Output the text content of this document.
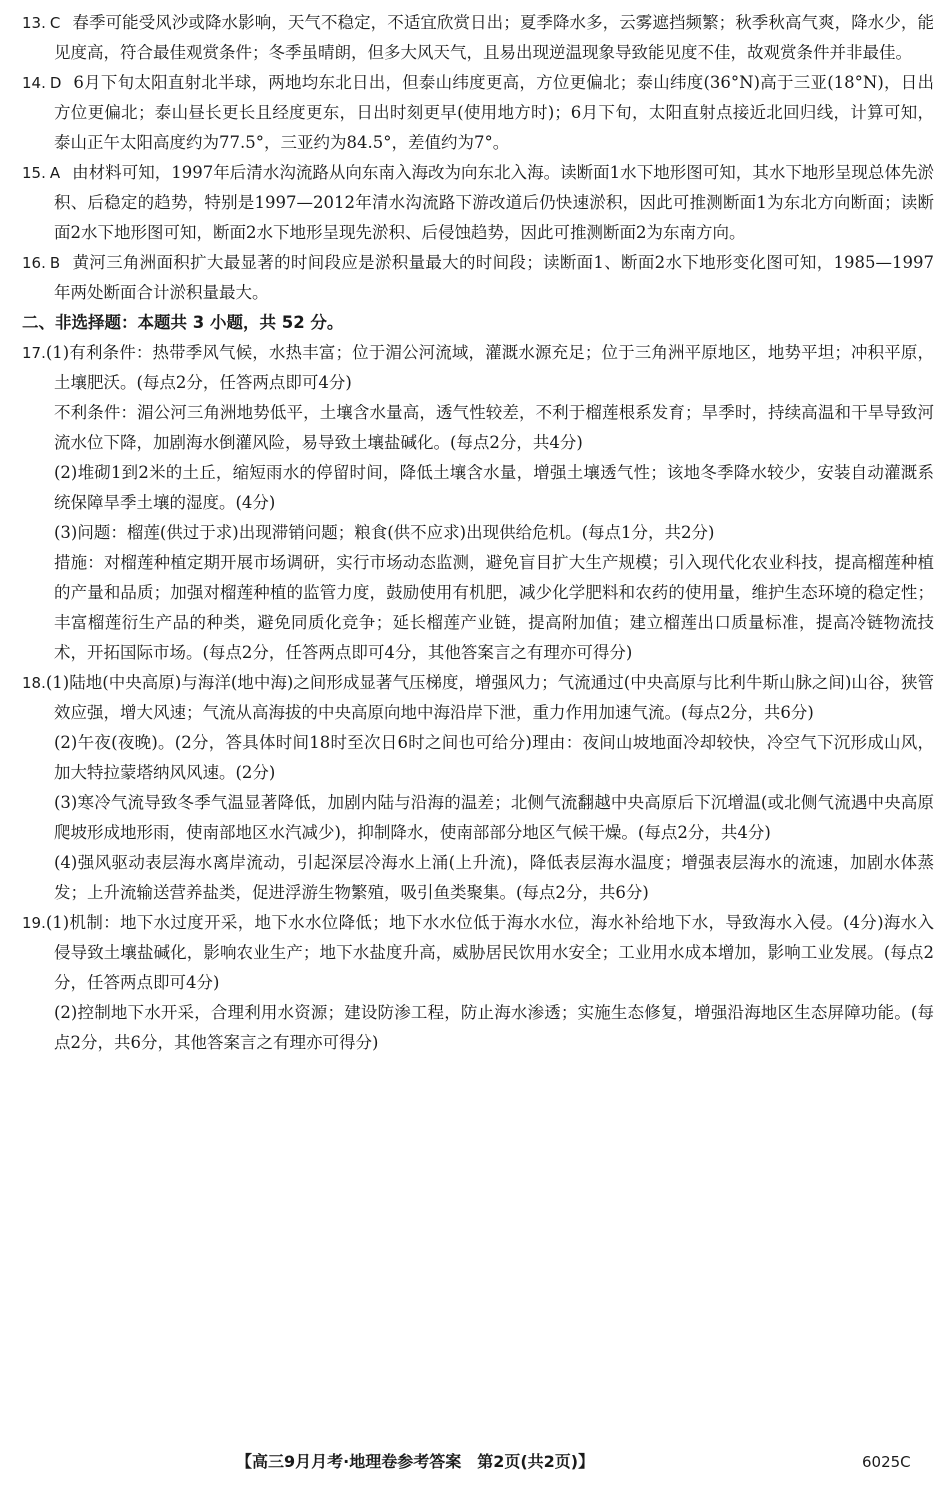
13. C 春季可能受风沙或降水影响，天气不稳定，不适宜欣赏日出；夏季降水多，云雾遮挡频繁；秋季秋高气爽，降水少，能见度高，符合最佳观赏条件；冬季虽晴朗，但多大风天气，且易出现逆温现象导致能见度不佳，故观赏条件并非最佳。

14. D 6月下旬太阳直射北半球，两地均东北日出，但泰山纬度更高，方位更偏北；泰山纬度(36°N)高于三亚(18°N)，日出方位更偏北；泰山昼长更长且经度更东，日出时刻更早(使用地方时)；6月下旬，太阳直射点接近北回归线，计算可知，泰山正午太阳高度约为77.5°，三亚约为84.5°，差值约为7°。

15. A 由材料可知，1997年后清水沟流路从向东南入海改为向东北入海。读断面1水下地形图可知，其水下地形呈现总体先淤积、后稳定的趋势，特别是1997—2012年清水沟流路下游改道后仍快速淤积，因此可推测断面1为东北方向断面；读断面2水下地形图可知，断面2水下地形呈现先淤积、后侵蚀趋势，因此可推测断面2为东南方向。

16. B 黄河三角洲面积扩大最显著的时间段应是淤积量最大的时间段；读断面1、断面2水下地形变化图可知，1985—1997年两处断面合计淤积量最大。

二、非选择题：本题共 3 小题，共 52 分。

17.(1)有利条件：热带季风气候，水热丰富；位于湄公河流域，灌溉水源充足；位于三角洲平原地区，地势平坦；冲积平原，土壤肥沃。(每点2分，任答两点即可4分)

不利条件：湄公河三角洲地势低平，土壤含水量高，透气性较差，不利于榴莲根系发育；旱季时，持续高温和干旱导致河流水位下降，加剧海水倒灌风险，易导致土壤盐碱化。(每点2分，共4分)

(2)堆砌1到2米的土丘，缩短雨水的停留时间，降低土壤含水量，增强土壤透气性；该地冬季降水较少，安装自动灌溉系统保障旱季土壤的湿度。(4分)

(3)问题：榴莲(供过于求)出现滞销问题；粮食(供不应求)出现供给危机。(每点1分，共2分)

措施：对榴莲种植定期开展市场调研，实行市场动态监测，避免盲目扩大生产规模；引入现代化农业科技，提高榴莲种植的产量和品质；加强对榴莲种植的监管力度，鼓励使用有机肥，减少化学肥料和农药的使用量，维护生态环境的稳定性；丰富榴莲衍生产品的种类，避免同质化竞争；延长榴莲产业链，提高附加值；建立榴莲出口质量标准，提高冷链物流技术，开拓国际市场。(每点2分，任答两点即可4分，其他答案言之有理亦可得分)

18.(1)陆地(中央高原)与海洋(地中海)之间形成显著气压梯度，增强风力；气流通过(中央高原与比利牛斯山脉之间)山谷，狭管效应强，增大风速；气流从高海拔的中央高原向地中海沿岸下泄，重力作用加速气流。(每点2分，共6分)

(2)午夜(夜晚)。(2分，答具体时间18时至次日6时之间也可给分)理由：夜间山坡地面冷却较快，冷空气下沉形成山风，加大特拉蒙塔纳风风速。(2分)

(3)寒冷气流导致冬季气温显著降低，加剧内陆与沿海的温差；北侧气流翻越中央高原后下沉增温(或北侧气流遇中央高原爬坡形成地形雨，使南部地区水汽减少)，抑制降水，使南部部分地区气候干燥。(每点2分，共4分)

(4)强风驱动表层海水离岸流动，引起深层冷海水上涌(上升流)，降低表层海水温度；增强表层海水的流速，加剧水体蒸发；上升流输送营养盐类，促进浮游生物繁殖，吸引鱼类聚集。(每点2分，共6分)

19.(1)机制：地下水过度开采，地下水水位降低；地下水水位低于海水水位，海水补给地下水，导致海水入侵。(4分)海水入侵导致土壤盐碱化，影响农业生产；地下水盐度升高，威胁居民饮用水安全；工业用水成本增加，影响工业发展。(每点2分，任答两点即可4分)

(2)控制地下水开采，合理利用水资源；建设防渗工程，防止海水渗透；实施生态修复，增强沿海地区生态屏障功能。(每点2分，共6分，其他答案言之有理亦可得分)

【高三9月月考·地理卷参考答案　第2页(共2页)】	6025C
